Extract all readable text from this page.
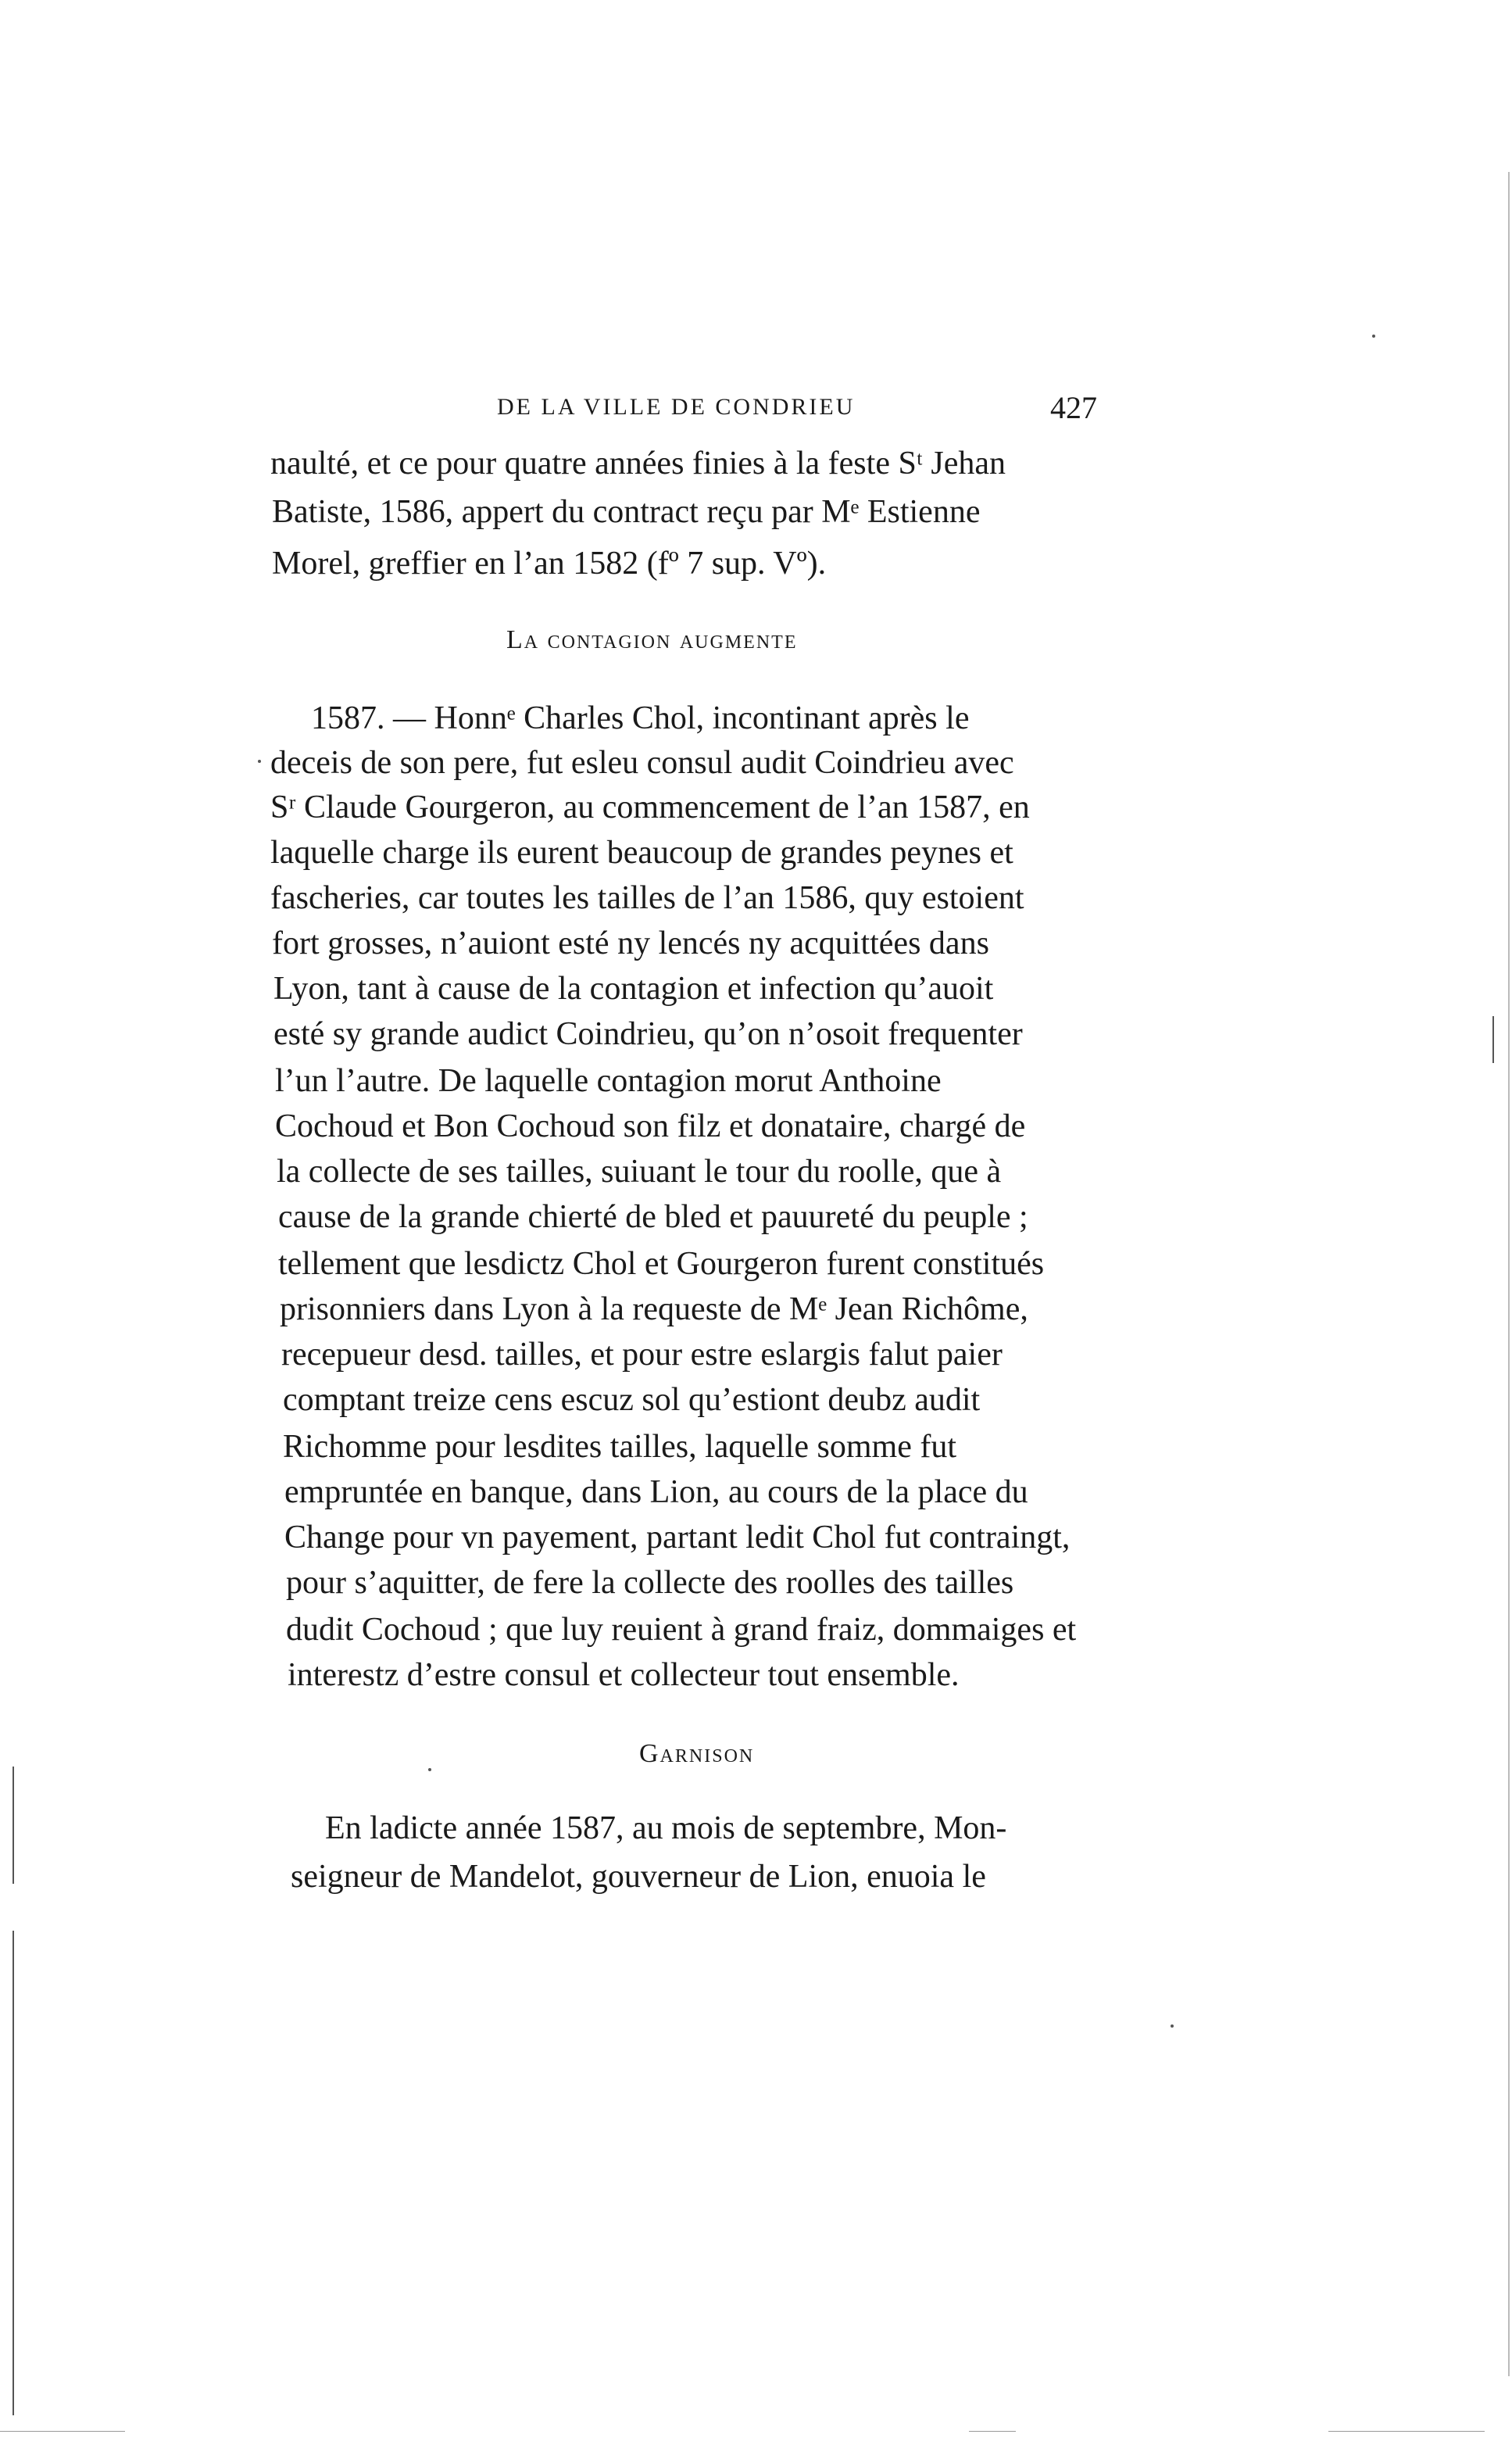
DE LA VILLE DE CONDRIEU	427
naulté, et ce pour quatre années finies à la feste Sᵗ Jehan
Batiste, 1586, appert du contract reçu par Mᵉ Estienne
Morel, greffier en l’an 1582 (fº 7 sup. Vº).
La contagion augmente
1587. — Honnᵉ Charles Chol, incontinant après le
deceis de son pere, fut esleu consul audit Coindrieu avec
Sʳ Claude Gourgeron, au commencement de l’an 1587, en
laquelle charge ils eurent beaucoup de grandes peynes et
fascheries, car toutes les tailles de l’an 1586, quy estoient
fort grosses, n’auiont esté ny lencés ny acquittées dans
Lyon, tant à cause de la contagion et infection qu’auoit
esté sy grande audict Coindrieu, qu’on n’osoit frequenter
l’un l’autre. De laquelle contagion morut Anthoine
Cochoud et Bon Cochoud son filz et donataire, chargé de
la collecte de ses tailles, suiuant le tour du roolle, que à
cause de la grande chierté de bled et pauureté du peuple ;
tellement que lesdictz Chol et Gourgeron furent constitués
prisonniers dans Lyon à la requeste de Mᵉ Jean Richôme,
recepueur desd. tailles, et pour estre eslargis falut paier
comptant treize cens escuz sol qu’estiont deubz audit
Richomme pour lesdites tailles, laquelle somme fut
empruntée en banque, dans Lion, au cours de la place du
Change pour vn payement, partant ledit Chol fut contraingt,
pour s’aquitter, de fere la collecte des roolles des tailles
dudit Cochoud ; que luy reuient à grand fraiz, dommaiges et
interestz d’estre consul et collecteur tout ensemble.
Garnison
En ladicte année 1587, au mois de septembre, Mon-
seigneur de Mandelot, gouverneur de Lion, enuoia le
